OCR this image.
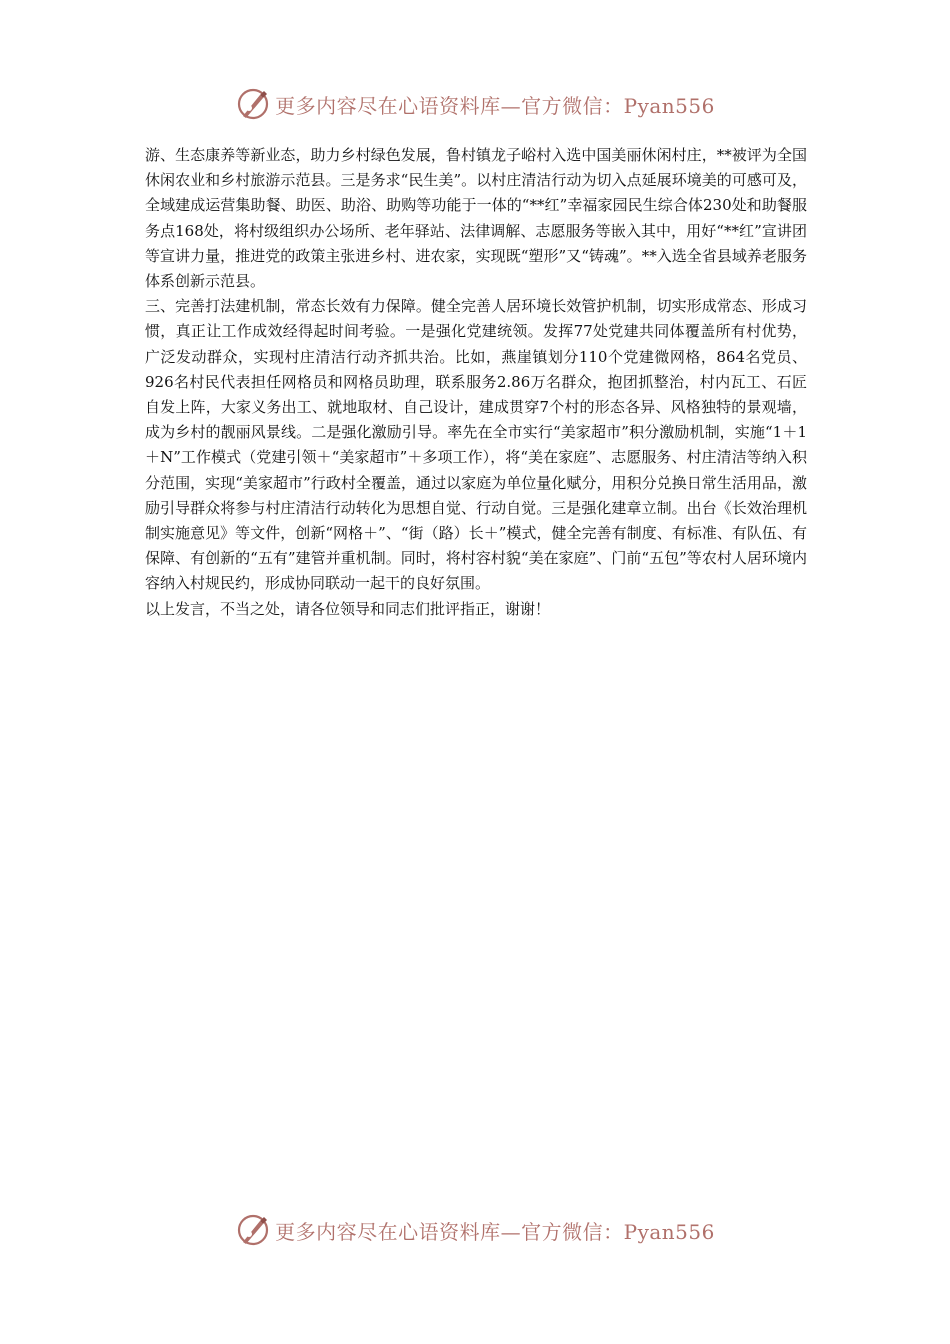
更多内容尽在心语资料库—官方微信：Pyan556

游、生态康养等新业态，助力乡村绿色发展，鲁村镇龙子峪村入选中国美丽休闲村庄，**被评为全国休闲农业和乡村旅游示范县。三是务求“民生美”。以村庄清洁行动为切入点延展环境美的可感可及，全域建成运营集助餐、助医、助浴、助购等功能于一体的“**红”幸福家园民生综合体230处和助餐服务点168处，将村级组织办公场所、老年驿站、法律调解、志愿服务等嵌入其中，用好“**红”宣讲团等宣讲力量，推进党的政策主张进乡村、进农家，实现既“塑形”又“铸魂”。**入选全省县域养老服务体系创新示范县。

三、完善打法建机制，常态长效有力保障。健全完善人居环境长效管护机制，切实形成常态、形成习惯，真正让工作成效经得起时间考验。一是强化党建统领。发挥77处党建共同体覆盖所有村优势，广泛发动群众，实现村庄清洁行动齐抓共治。比如，燕崖镇划分110个党建微网格，864名党员、926名村民代表担任网格员和网格员助理，联系服务2.86万名群众，抱团抓整治，村内瓦工、石匠自发上阵，大家义务出工、就地取材、自己设计，建成贯穿7个村的形态各异、风格独特的景观墙，成为乡村的靓丽风景线。二是强化激励引导。率先在全市实行“美家超市”积分激励机制，实施“1＋1＋N”工作模式（党建引领＋“美家超市”＋多项工作），将“美在家庭”、志愿服务、村庄清洁等纳入积分范围，实现“美家超市”行政村全覆盖，通过以家庭为单位量化赋分，用积分兑换日常生活用品，激励引导群众将参与村庄清洁行动转化为思想自觉、行动自觉。三是强化建章立制。出台《长效治理机制实施意见》等文件，创新“网格＋”、“街（路）长＋”模式，健全完善有制度、有标准、有队伍、有保障、有创新的“五有”建管并重机制。同时，将村容村貌“美在家庭”、门前“五包”等农村人居环境内容纳入村规民约，形成协同联动一起干的良好氛围。

以上发言，不当之处，请各位领导和同志们批评指正，谢谢！

更多内容尽在心语资料库—官方微信：Pyan556
